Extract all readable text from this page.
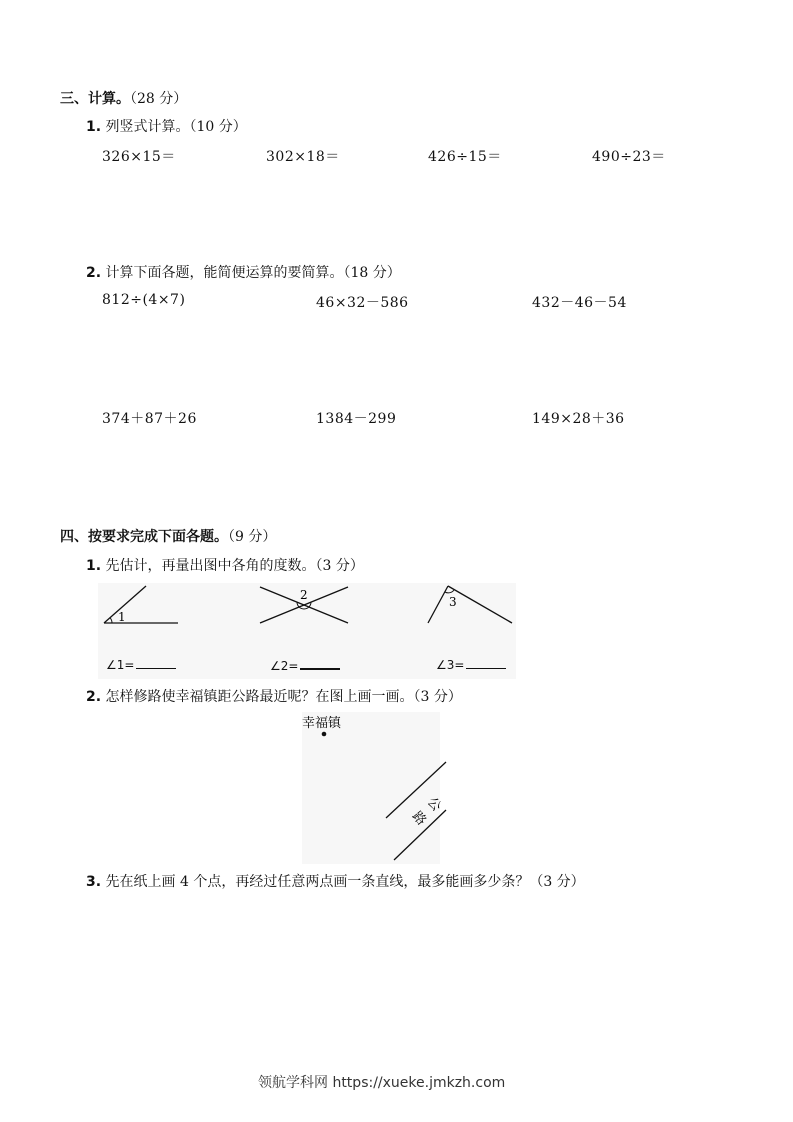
三、计算。（28 分）
1. 列竖式计算。（10 分）
326×15＝	302×18＝	426÷15＝	490÷23＝
2. 计算下面各题，能简便运算的要简算。（18 分）
812÷(4×7)	46×32－586	432－46－54
374＋87＋26	1384－299	149×28＋36
四、按要求完成下面各题。（9 分）
1. 先估计，再量出图中各角的度数。（3 分）
1
2	3
∠1=	∠2=	∠3=
2. 怎样修路使幸福镇距公路最近呢？在图上画一画。（3 分）
幸福镇
公
路
3. 先在纸上画 4 个点，再经过任意两点画一条直线，最多能画多少条？（3 分）
领航学科网 https://xueke.jmkzh.com
